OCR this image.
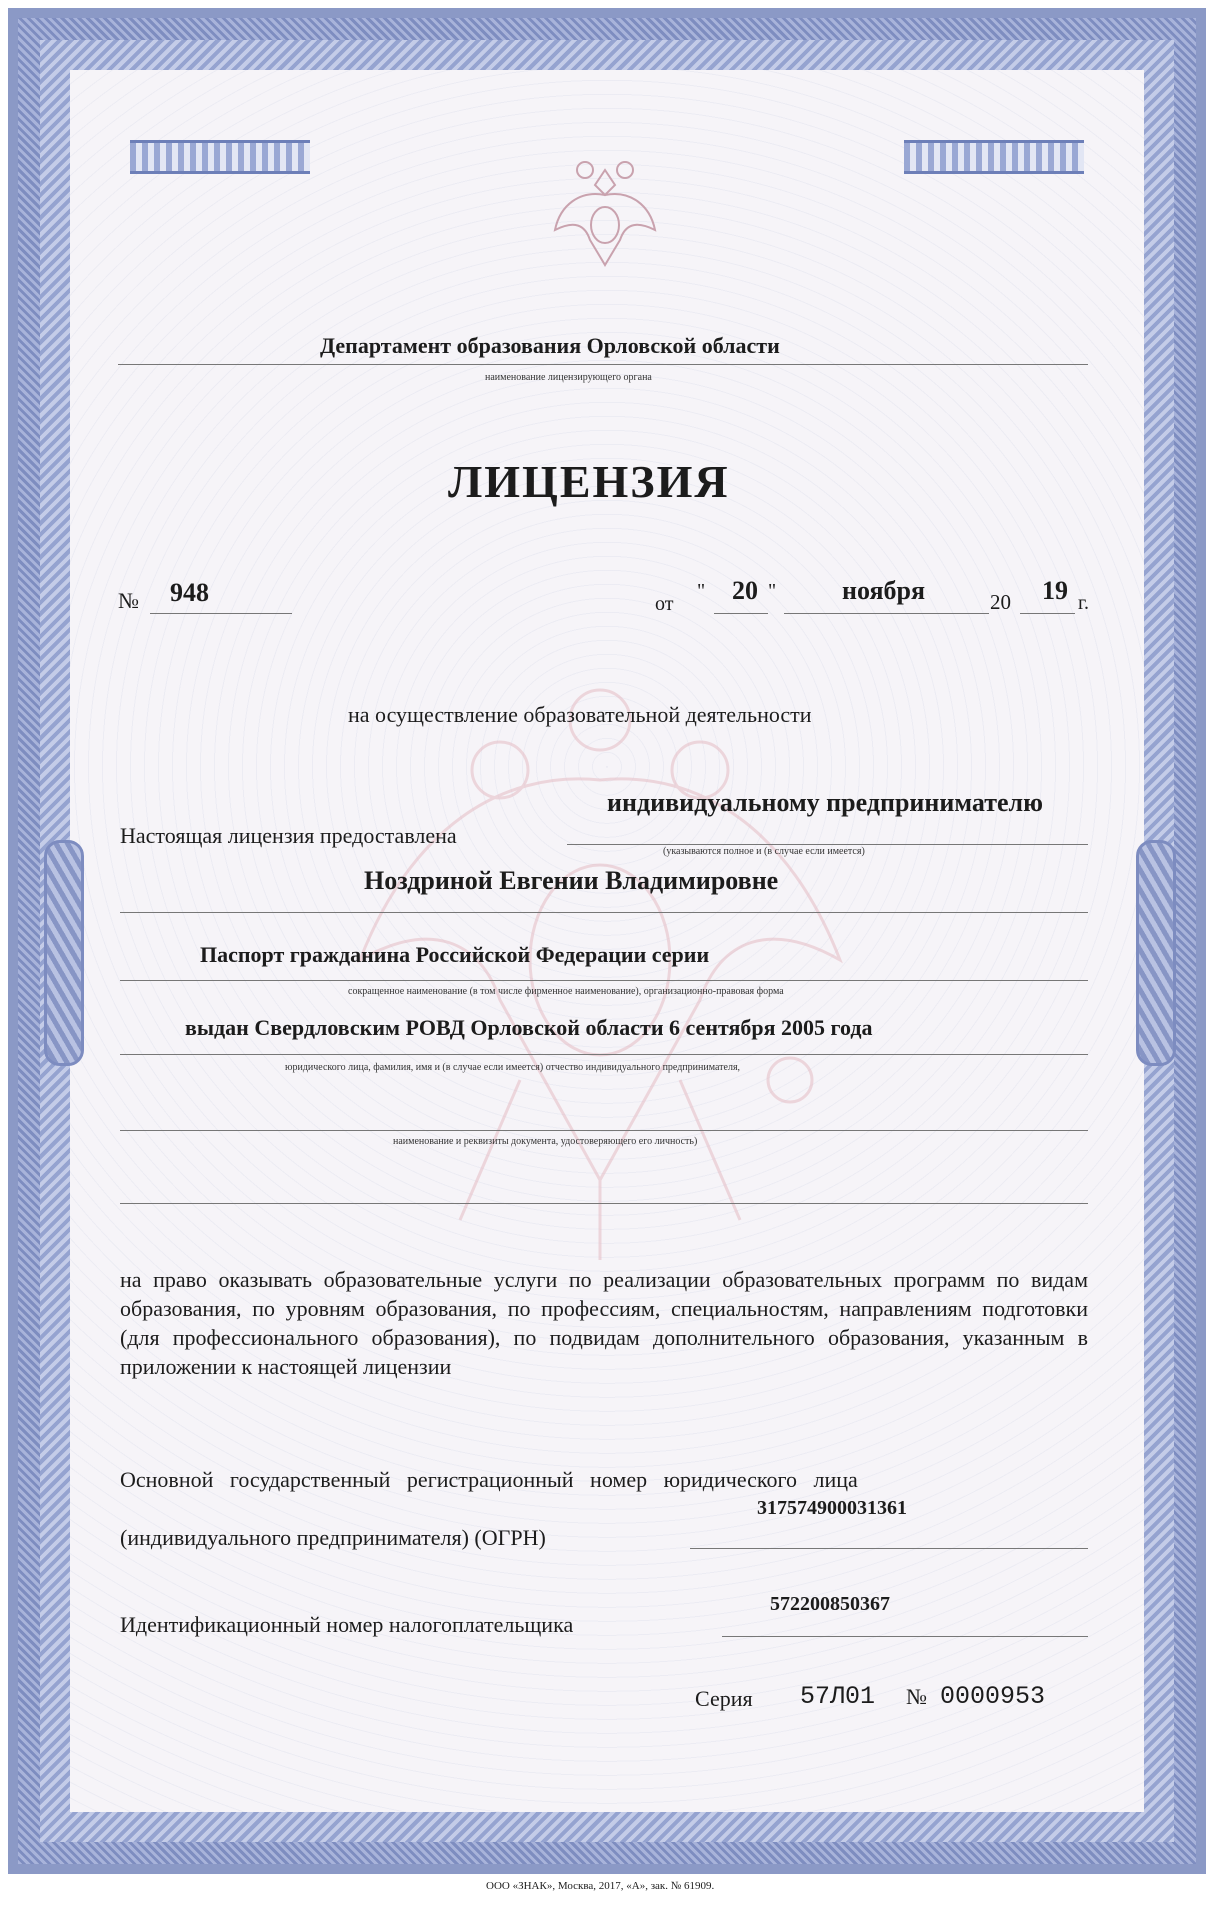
Департамент образования Орловской области
наименование лицензирующего органа
ЛИЦЕНЗИЯ
№ 948	от
" 20 "	ноября	20 19 г.
на осуществление образовательной деятельности
индивидуальному предпринимателю
Настоящая лицензия предоставлена
(указываются полное и (в случае если имеется)
Ноздриной Евгении Владимировне
Паспорт гражданина Российской Федерации серии
сокращенное наименование (в том числе фирменное наименование), организационно-правовая форма
выдан Свердловским РОВД Орловской области 6 сентября 2005 года
юридического лица, фамилия, имя и (в случае если имеется) отчество индивидуального предпринимателя,
наименование и реквизиты документа, удостоверяющего его личность)
на право оказывать образовательные услуги по реализации образовательных программ по видам образования, по уровням образования, по профессиям, специальностям, направлениям подготовки (для профессионального образования), по подвидам дополнительного образования, указанным в приложении к настоящей лицензии
Основной государственный регистрационный номер юридического лица
317574900031361
(индивидуального предпринимателя) (ОГРН)
572200850367
Идентификационный номер налогоплательщика
Серия 57Л01 № 0000953
ООО «ЗНАК», Москва, 2017, «А», зак. № 61909.
